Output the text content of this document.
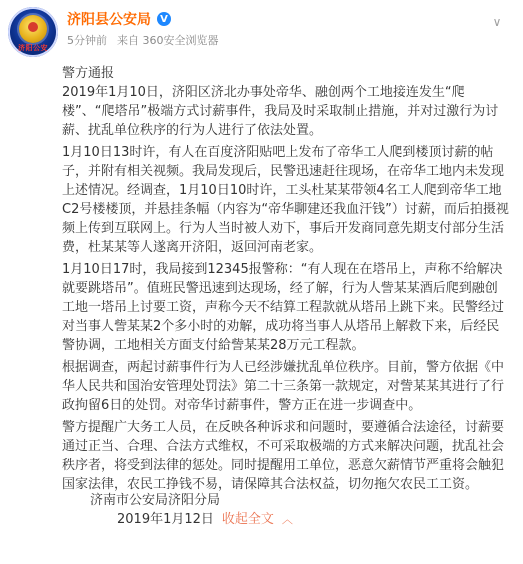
济阳公安
济阳县公安局 V
5分钟前 来自 360安全浏览器
∨

警方通报

2019年1月10日，济阳区济北办事处帝华、融创两个工地接连发生“爬楼”、“爬塔吊”极端方式讨薪事件，我局及时采取制止措施，并对过激行为讨薪、扰乱单位秩序的行为人进行了依法处置。

1月10日13时许，有人在百度济阳贴吧上发布了帝华工人爬到楼顶讨薪的帖子，并附有相关视频。我局发现后，民警迅速赶往现场，在帝华工地内未发现上述情况。经调查，1月10日10时许，工头杜某某带领4名工人爬到帝华工地C2号楼楼顶，并悬挂条幅（内容为“帝华聊建还我血汗钱”）讨薪，而后拍摄视频上传到互联网上。行为人当时被人劝下，事后开发商同意先期支付部分生活费，杜某某等人遂离开济阳，返回河南老家。

1月10日17时，我局接到12345报警称：“有人现在在塔吊上，声称不给解决就要跳塔吊”。值班民警迅速到达现场，经了解，行为人訾某某酒后爬到融创工地一塔吊上讨要工资，声称今天不结算工程款就从塔吊上跳下来。民警经过对当事人訾某某2个多小时的劝解，成功将当事人从塔吊上解救下来，后经民警协调，工地相关方面支付給訾某某28万元工程款。

根据调查，两起讨薪事件行为人已经涉嫌扰乱单位秩序。目前，警方依据《中华人民共和国治安管理处罚法》第二十三条第一款规定，对訾某某其进行了行政拘留6日的处罚。对帝华讨薪事件，警方正在进一步调查中。

警方提醒广大务工人员，在反映各种诉求和问题时，要遵循合法途径，讨薪要通过正当、合理、合法方式维权，不可采取极端的方式来解决问题，扰乱社会秩序者，将受到法律的惩处。同时提醒用工单位，恶意欠薪情节严重将会触犯国家法律，农民工挣钱不易，请保障其合法权益，切勿拖欠农民工工资。

济南市公安局济阳分局
2019年1月12日 收起全文 ︿
